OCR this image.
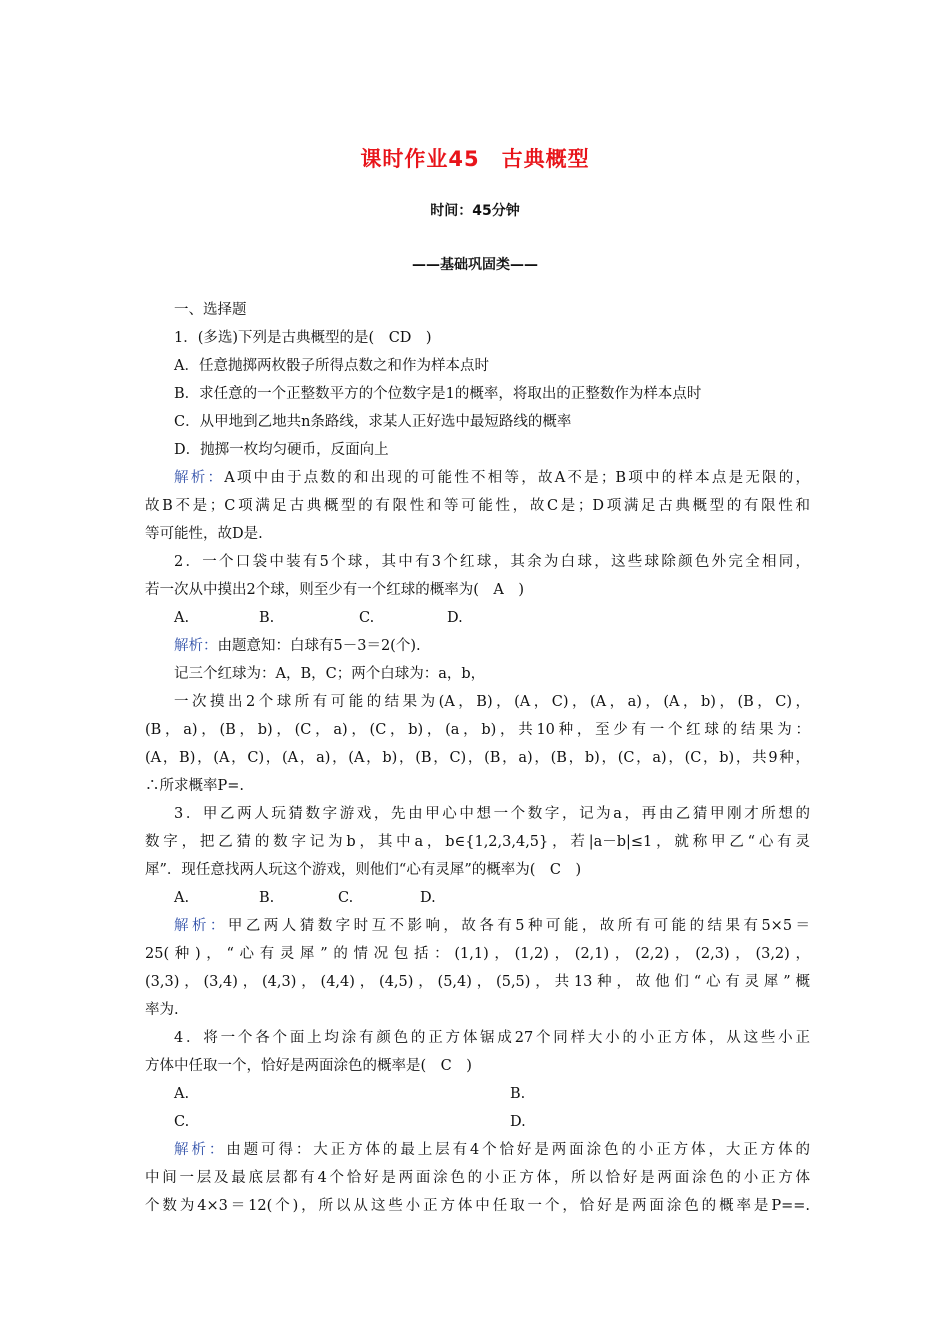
课时作业45　古典概型
时间：45分钟
——基础巩固类——
一、选择题
1．(多选)下列是古典概型的是(　CD　)
A．任意抛掷两枚骰子所得点数之和作为样本点时
B．求任意的一个正整数平方的个位数字是1的概率，将取出的正整数作为样本点时
C．从甲地到乙地共n条路线，求某人正好选中最短路线的概率
D．抛掷一枚均匀硬币，反面向上
解析：A项中由于点数的和出现的可能性不相等，故A不是；B项中的样本点是无限的，
故B不是；C项满足古典概型的有限性和等可能性，故C是；D项满足古典概型的有限性和
等可能性，故D是.
2．一个口袋中装有5个球，其中有3个红球，其余为白球，这些球除颜色外完全相同，
若一次从中摸出2个球，则至少有一个红球的概率为(　A　)
A.	B.	C.	D.
解析：由题意知：白球有5－3＝2(个).
记三个红球为：A，B，C；两个白球为：a，b，
一次摸出2个球所有可能的结果为(A，B)，(A，C)，(A，a)，(A，b)，(B，C)，
(B，a)，(B，b)，(C，a)，(C，b)，(a，b)，共10种，至少有一个红球的结果为：
(A，B)，(A，C)，(A，a)，(A，b)，(B，C)，(B，a)，(B，b)，(C，a)，(C，b)，共9种，
∴所求概率P=.
3．甲乙两人玩猜数字游戏，先由甲心中想一个数字，记为a，再由乙猜甲刚才所想的
数字，把乙猜的数字记为b，其中a，b∈{1,2,3,4,5}，若|a－b|≤1，就称甲乙“心有灵
犀”．现任意找两人玩这个游戏，则他们“心有灵犀”的概率为(　C　)
A.	B.	C.	D.
解析：甲乙两人猜数字时互不影响，故各有5种可能，故所有可能的结果有5×5＝
25(种)，“心有灵犀”的情况包括：(1,1)，(1,2)，(2,1)，(2,2)，(2,3)，(3,2)，
(3,3)，(3,4)，(4,3)，(4,4)，(4,5)，(5,4)，(5,5)，共13种，故他们“心有灵犀”概
率为.
4．将一个各个面上均涂有颜色的正方体锯成27个同样大小的小正方体，从这些小正
方体中任取一个，恰好是两面涂色的概率是(　C　)
A.	B.
C.	D.
解析：由题可得：大正方体的最上层有4个恰好是两面涂色的小正方体，大正方体的
中间一层及最底层都有4个恰好是两面涂色的小正方体，所以恰好是两面涂色的小正方体
个数为4×3＝12(个)，所以从这些小正方体中任取一个，恰好是两面涂色的概率是P==.
